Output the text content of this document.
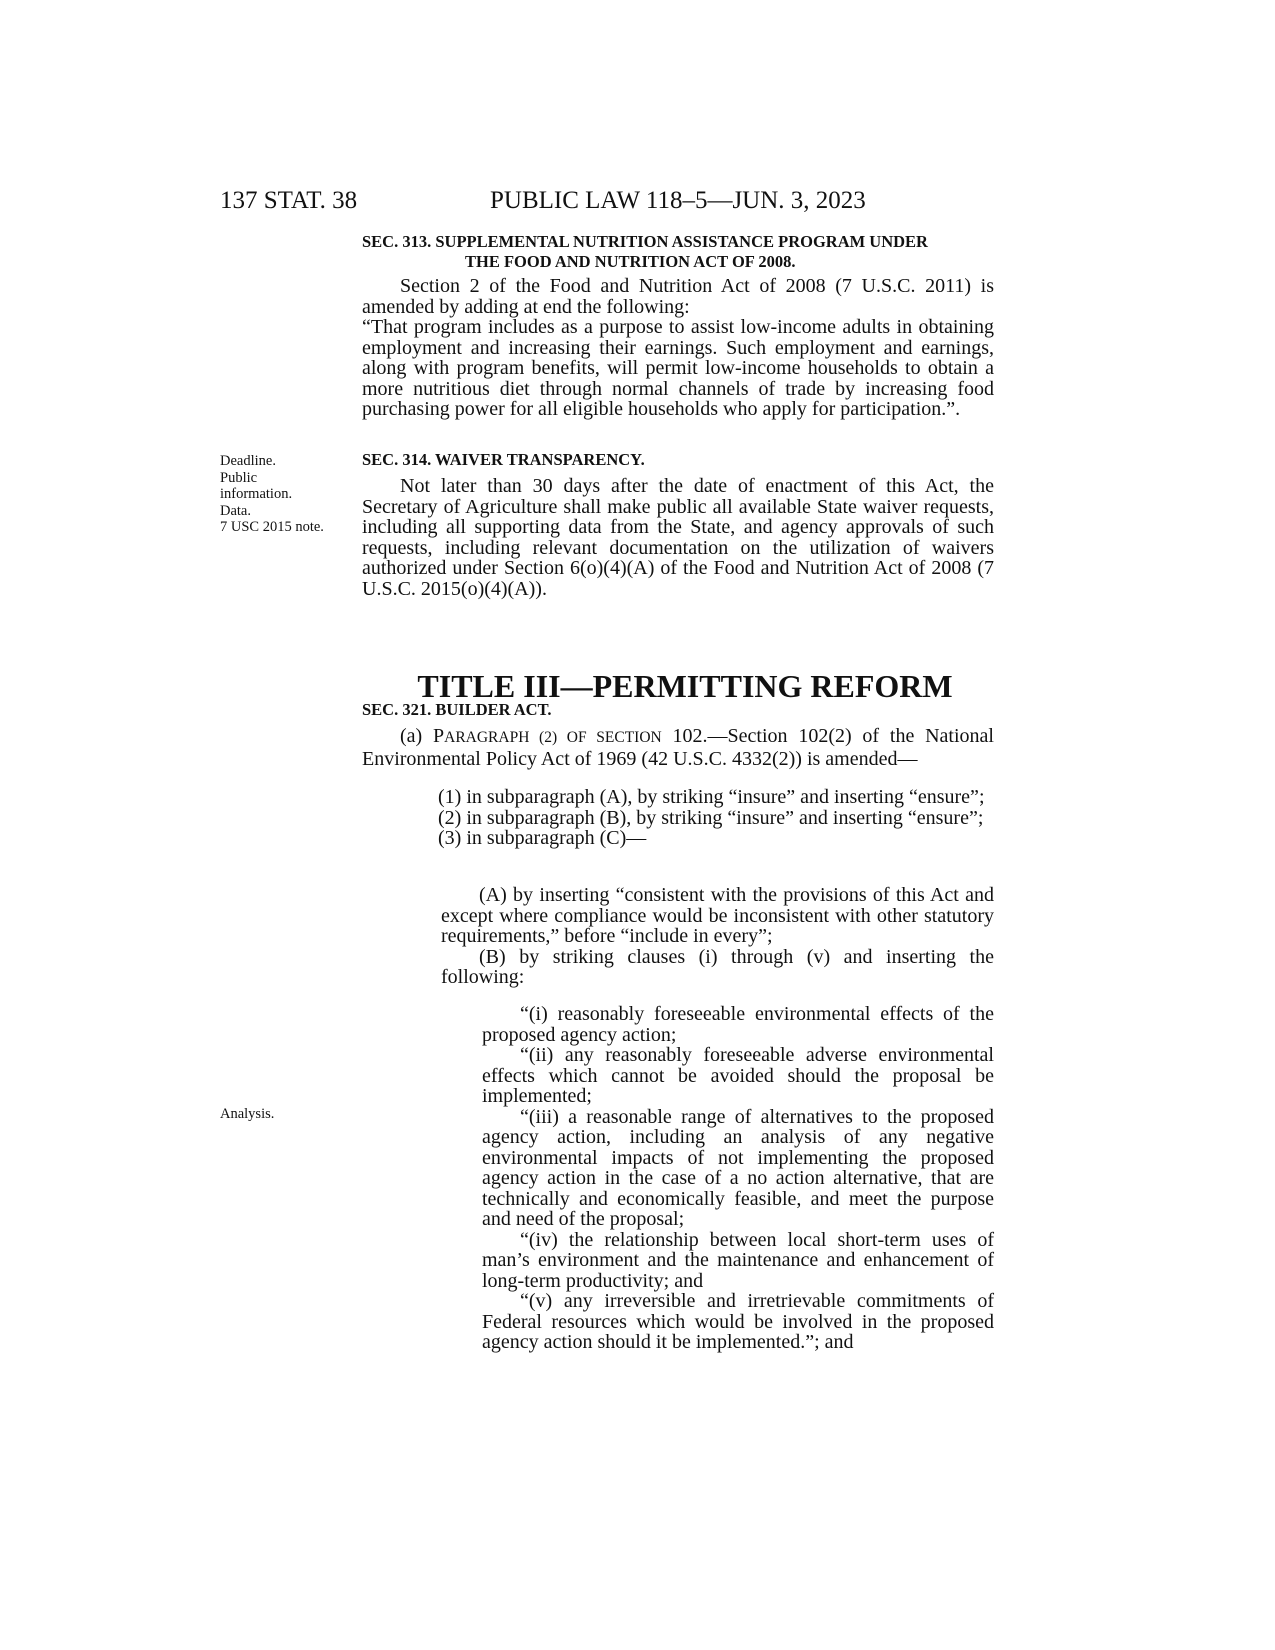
137 STAT. 38	PUBLIC LAW 118–5—JUN. 3, 2023
SEC. 313. SUPPLEMENTAL NUTRITION ASSISTANCE PROGRAM UNDER
THE FOOD AND NUTRITION ACT OF 2008.

Section 2 of the Food and Nutrition Act of 2008 (7 U.S.C. 2011) is amended by adding at end the following:

“That program includes as a purpose to assist low-income adults in obtaining employment and increasing their earnings. Such employment and earnings, along with program benefits, will permit low-income households to obtain a more nutritious diet through normal channels of trade by increasing food purchasing power for all eligible households who apply for participation.”.

Deadline.
Public
information.
Data.
7 USC 2015 note.
SEC. 314. WAIVER TRANSPARENCY.

Not later than 30 days after the date of enactment of this Act, the Secretary of Agriculture shall make public all available State waiver requests, including all supporting data from the State, and agency approvals of such requests, including relevant documentation on the utilization of waivers authorized under Section 6(o)(4)(A) of the Food and Nutrition Act of 2008 (7 U.S.C. 2015(o)(4)(A)).

TITLE III—PERMITTING REFORM
SEC. 321. BUILDER ACT.

(a) PARAGRAPH (2) OF SECTION 102.—Section 102(2) of the National Environmental Policy Act of 1969 (42 U.S.C. 4332(2)) is amended—

(1) in subparagraph (A), by striking “insure” and inserting “ensure”;

(2) in subparagraph (B), by striking “insure” and inserting “ensure”;

(3) in subparagraph (C)—

(A) by inserting “consistent with the provisions of this Act and except where compliance would be inconsistent with other statutory requirements,” before “include in every”;

(B) by striking clauses (i) through (v) and inserting the following:

“(i) reasonably foreseeable environmental effects of the proposed agency action;

“(ii) any reasonably foreseeable adverse environmental effects which cannot be avoided should the proposal be implemented;

“(iii) a reasonable range of alternatives to the proposed agency action, including an analysis of any negative environmental impacts of not implementing the proposed agency action in the case of a no action alternative, that are technically and economically feasible, and meet the purpose and need of the proposal;

“(iv) the relationship between local short-term uses of man’s environment and the maintenance and enhancement of long-term productivity; and

“(v) any irreversible and irretrievable commitments of Federal resources which would be involved in the proposed agency action should it be implemented.”; and

Analysis.
